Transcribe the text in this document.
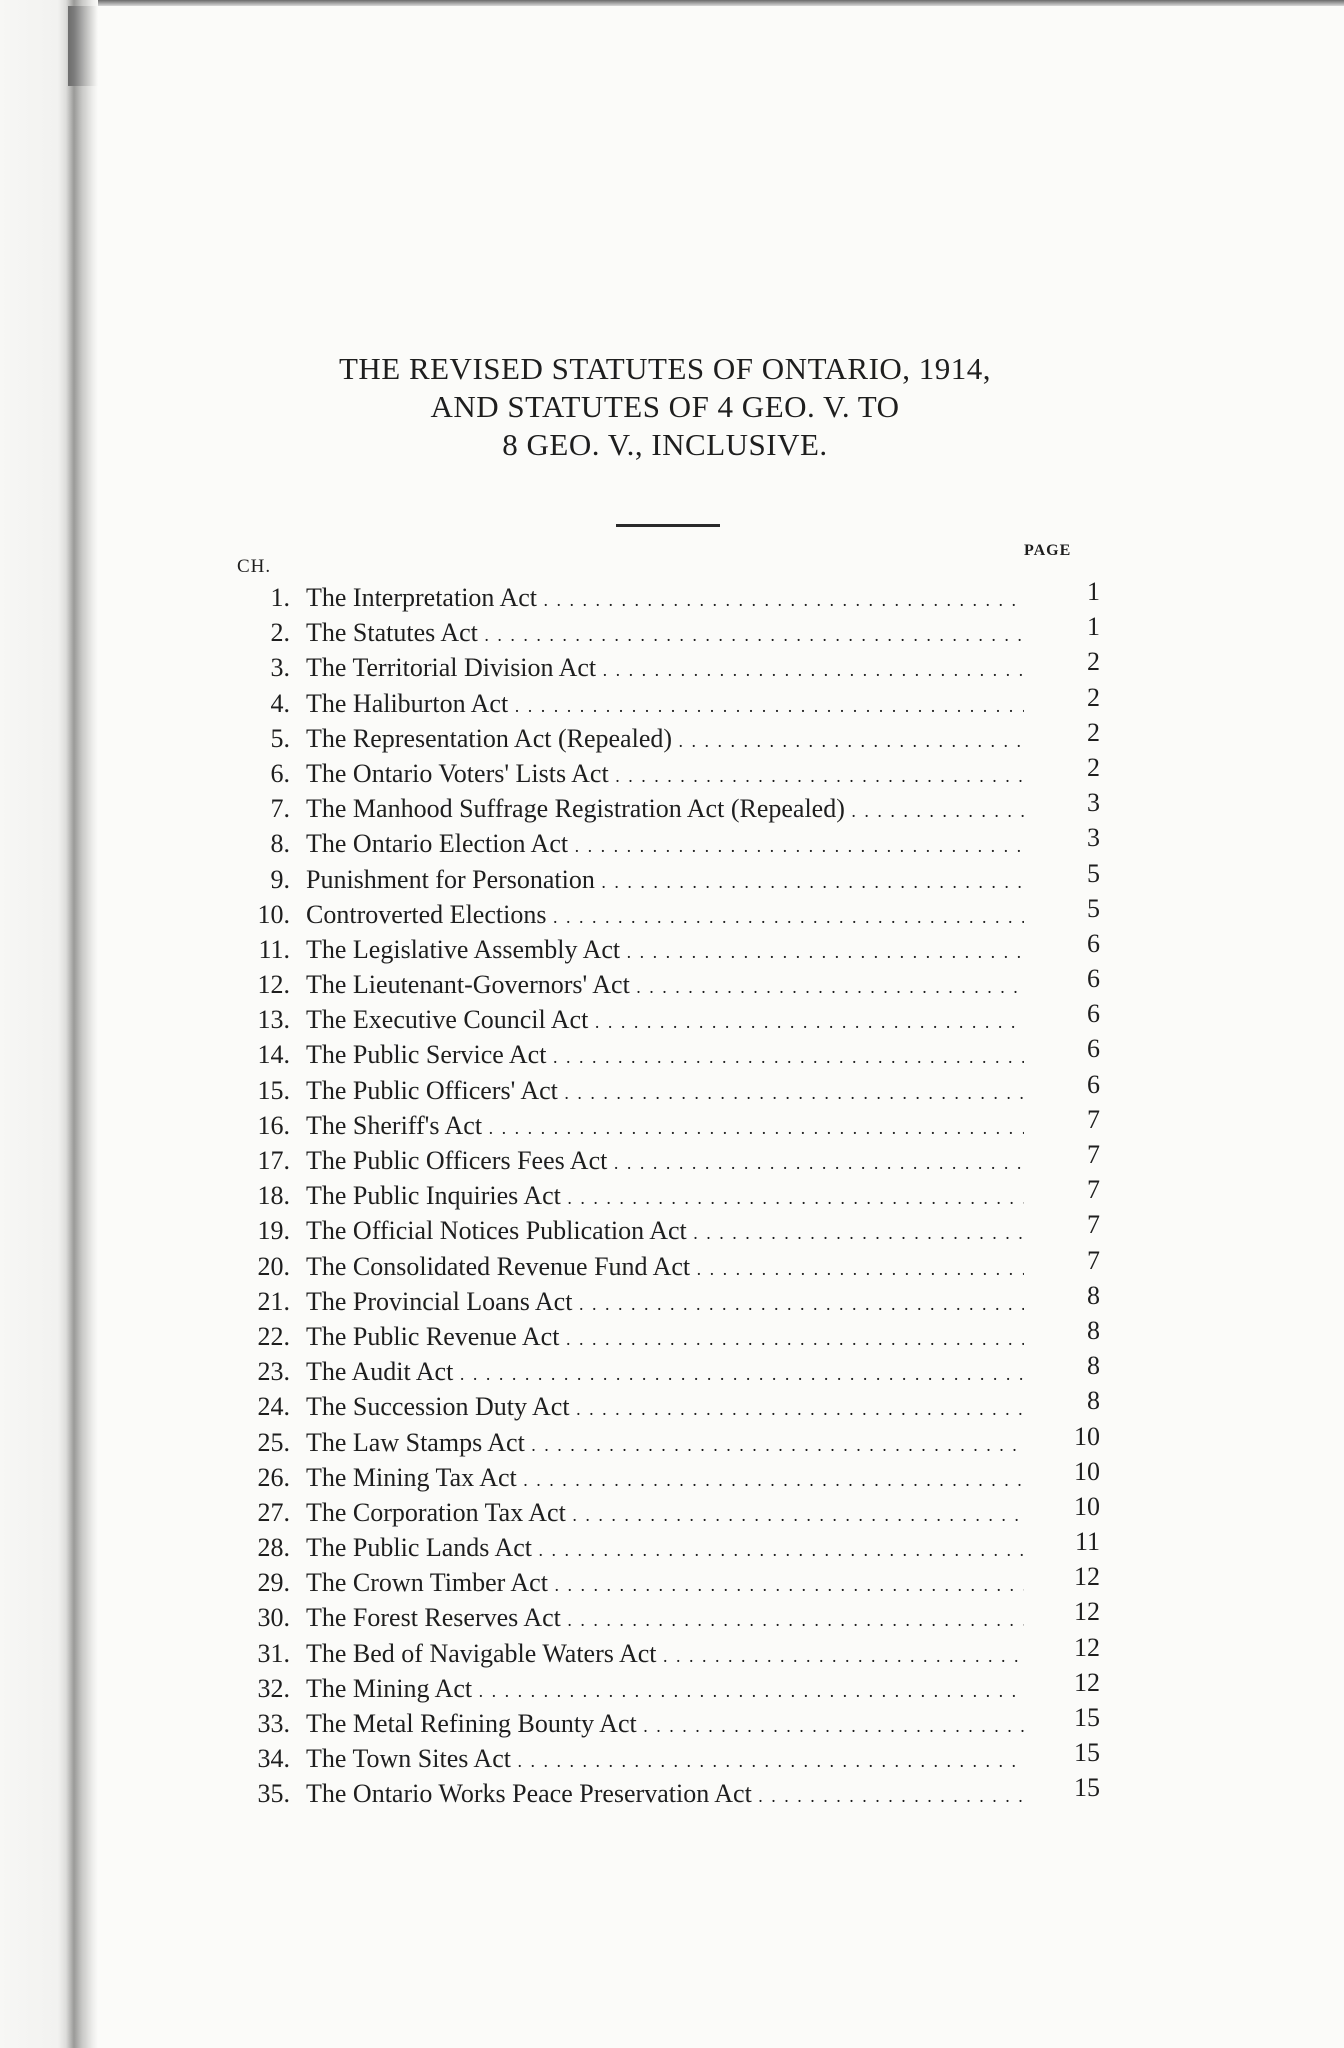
THE REVISED STATUTES OF ONTARIO, 1914,
AND STATUTES OF 4 GEO. V. TO
8 GEO. V., INCLUSIVE.
PAGE
CH.
1. The Interpretation Act . . .	1
2. The Statutes Act . . .	1
3. The Territorial Division Act . . .	2
4. The Haliburton Act . . .	2
5. The Representation Act (Repealed) . . .	2
6. The Ontario Voters' Lists Act . . .	2
7. The Manhood Suffrage Registration Act (Repealed) . . .	3
8. The Ontario Election Act . . .	3
9. Punishment for Personation . . .	5
10. Controverted Elections . . .	5
11. The Legislative Assembly Act . . .	6
12. The Lieutenant-Governors' Act . . .	6
13. The Executive Council Act . . .	6
14. The Public Service Act . . .	6
15. The Public Officers' Act . . .	6
16. The Sheriff's Act . . .	7
17. The Public Officers Fees Act . . .	7
18. The Public Inquiries Act . . .	7
19. The Official Notices Publication Act . . .	7
20. The Consolidated Revenue Fund Act . . .	7
21. The Provincial Loans Act . . .	8
22. The Public Revenue Act . . .	8
23. The Audit Act . . .	8
24. The Succession Duty Act . . .	8
25. The Law Stamps Act . . .	10
26. The Mining Tax Act . . .	10
27. The Corporation Tax Act . . .	10
28. The Public Lands Act . . .	11
29. The Crown Timber Act . . .	12
30. The Forest Reserves Act . . .	12
31. The Bed of Navigable Waters Act . . .	12
32. The Mining Act . . .	12
33. The Metal Refining Bounty Act . . .	15
34. The Town Sites Act . . .	15
35. The Ontario Works Peace Preservation Act . . .	15
